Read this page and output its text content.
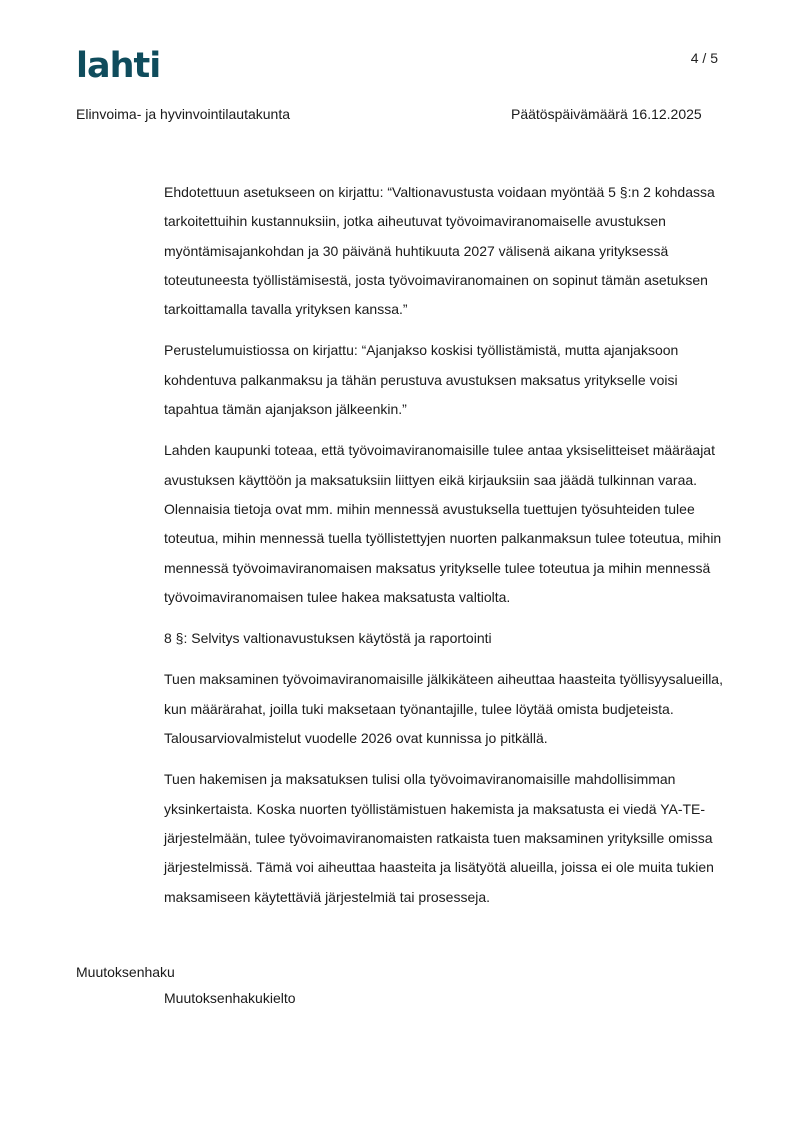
lahti	4 / 5
Elinvoima- ja hyvinvointilautakunta	Päätöspäivämäärä 16.12.2025

Ehdotettuun asetukseen on kirjattu: “Valtionavustusta voidaan myöntää 5 §:n 2 kohdassa tarkoitettuihin kustannuksiin, jotka aiheutuvat työvoimaviranomaiselle avustuksen myöntämisajankohdan ja 30 päivänä huhtikuuta 2027 välisenä aikana yrityksessä toteutuneesta työllistämisestä, josta työvoimaviranomainen on sopinut tämän asetuksen tarkoittamalla tavalla yrityksen kanssa.”

Perustelumuistiossa on kirjattu: “Ajanjakso koskisi työllistämistä, mutta ajanjaksoon kohdentuva palkanmaksu ja tähän perustuva avustuksen maksatus yritykselle voisi tapahtua tämän ajanjakson jälkeenkin.”

Lahden kaupunki toteaa, että työvoimaviranomaisille tulee antaa yksiselitteiset määräajat avustuksen käyttöön ja maksatuksiin liittyen eikä kirjauksiin saa jäädä tulkinnan varaa. Olennaisia tietoja ovat mm. mihin mennessä avustuksella tuettujen työsuhteiden tulee toteutua, mihin mennessä tuella työllistettyjen nuorten palkanmaksun tulee toteutua, mihin mennessä työvoimaviranomaisen maksatus yritykselle tulee toteutua ja mihin mennessä työvoimaviranomaisen tulee hakea maksatusta valtiolta.

8 §: Selvitys valtionavustuksen käytöstä ja raportointi

Tuen maksaminen työvoimaviranomaisille jälkikäteen aiheuttaa haasteita työllisyysalueilla, kun määrärahat, joilla tuki maksetaan työnantajille, tulee löytää omista budjeteista. Talousarviovalmistelut vuodelle 2026 ovat kunnissa jo pitkällä.

Tuen hakemisen ja maksatuksen tulisi olla työvoimaviranomaisille mahdollisimman yksinkertaista. Koska nuorten työllistämistuen hakemista ja maksatusta ei viedä YA-TE-järjestelmään, tulee työvoimaviranomaisten ratkaista tuen maksaminen yrityksille omissa järjestelmissä. Tämä voi aiheuttaa haasteita ja lisätyötä alueilla, joissa ei ole muita tukien maksamiseen käytettäviä järjestelmiä tai prosesseja.

Muutoksenhaku
Muutoksenhakukielto
